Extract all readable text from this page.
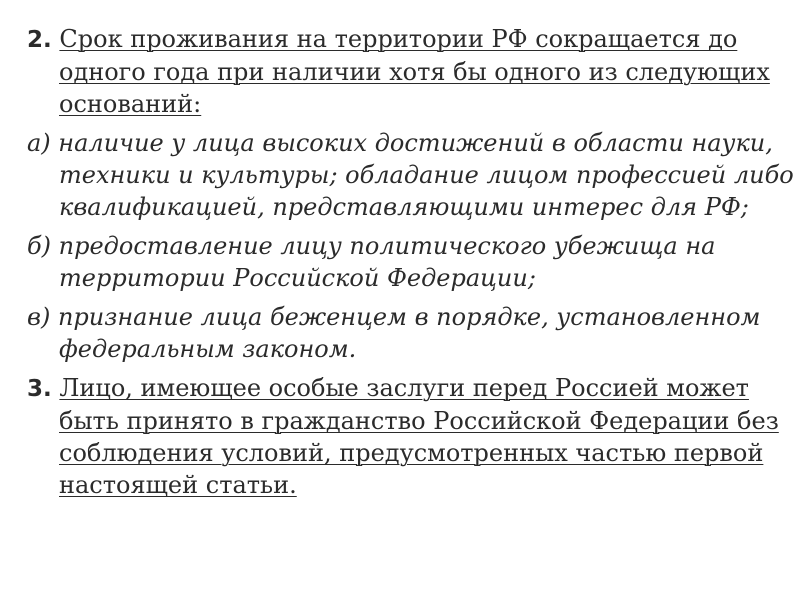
2. Срок проживания на территории РФ сокращается до одного года при наличии хотя бы одного из следующих оснований:

а) наличие у лица высоких достижений в области науки, техники и культуры; обладание лицом профессией либо квалификацией, представляющими интерес для РФ;

б) предоставление лицу политического убежища на территории Российской Федерации;

в) признание лица беженцем в порядке, установленном федеральным законом.

3. Лицо, имеющее особые заслуги перед Россией может быть принято в гражданство Российской Федерации без соблюдения условий, предусмотренных частью первой настоящей статьи.
